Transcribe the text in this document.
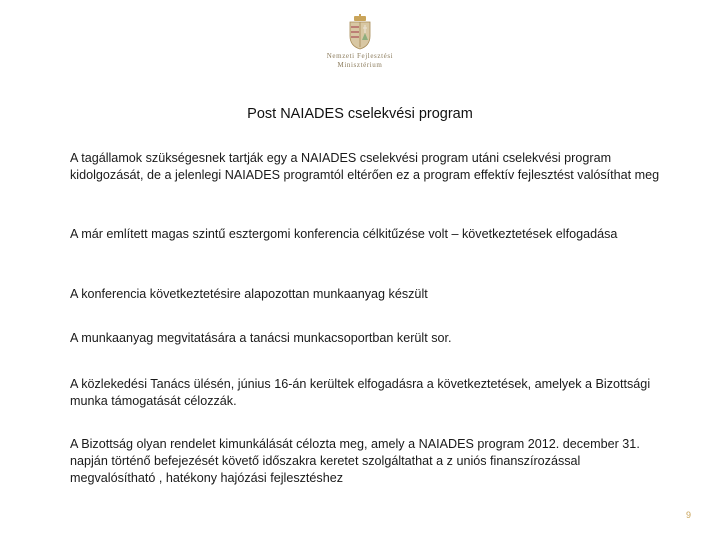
Nemzeti Fejlesztési
Minisztérium
Post NAIADES cselekvési program
A tagállamok szükségesnek tartják egy a NAIADES cselekvési program utáni cselekvési program kidolgozását, de a jelenlegi NAIADES programtól eltérően ez a program effektív fejlesztést valósíthat meg
A már említett magas szintű esztergomi konferencia célkitűzése volt – következtetések elfogadása
A konferencia következtetésire alapozottan munkaanyag készült
A munkaanyag megvitatására a tanácsi munkacsoportban került sor.
A közlekedési Tanács ülésén, június 16-án kerültek elfogadásra a következtetések, amelyek a Bizottsági munka támogatását célozzák.
A Bizottság olyan rendelet kimunkálását célozta meg, amely a NAIADES program 2012. december 31. napján történő befejezését követő időszakra keretet szolgáltathat a z uniós finanszírozással megvalósítható , hatékony hajózási fejlesztéshez
9
